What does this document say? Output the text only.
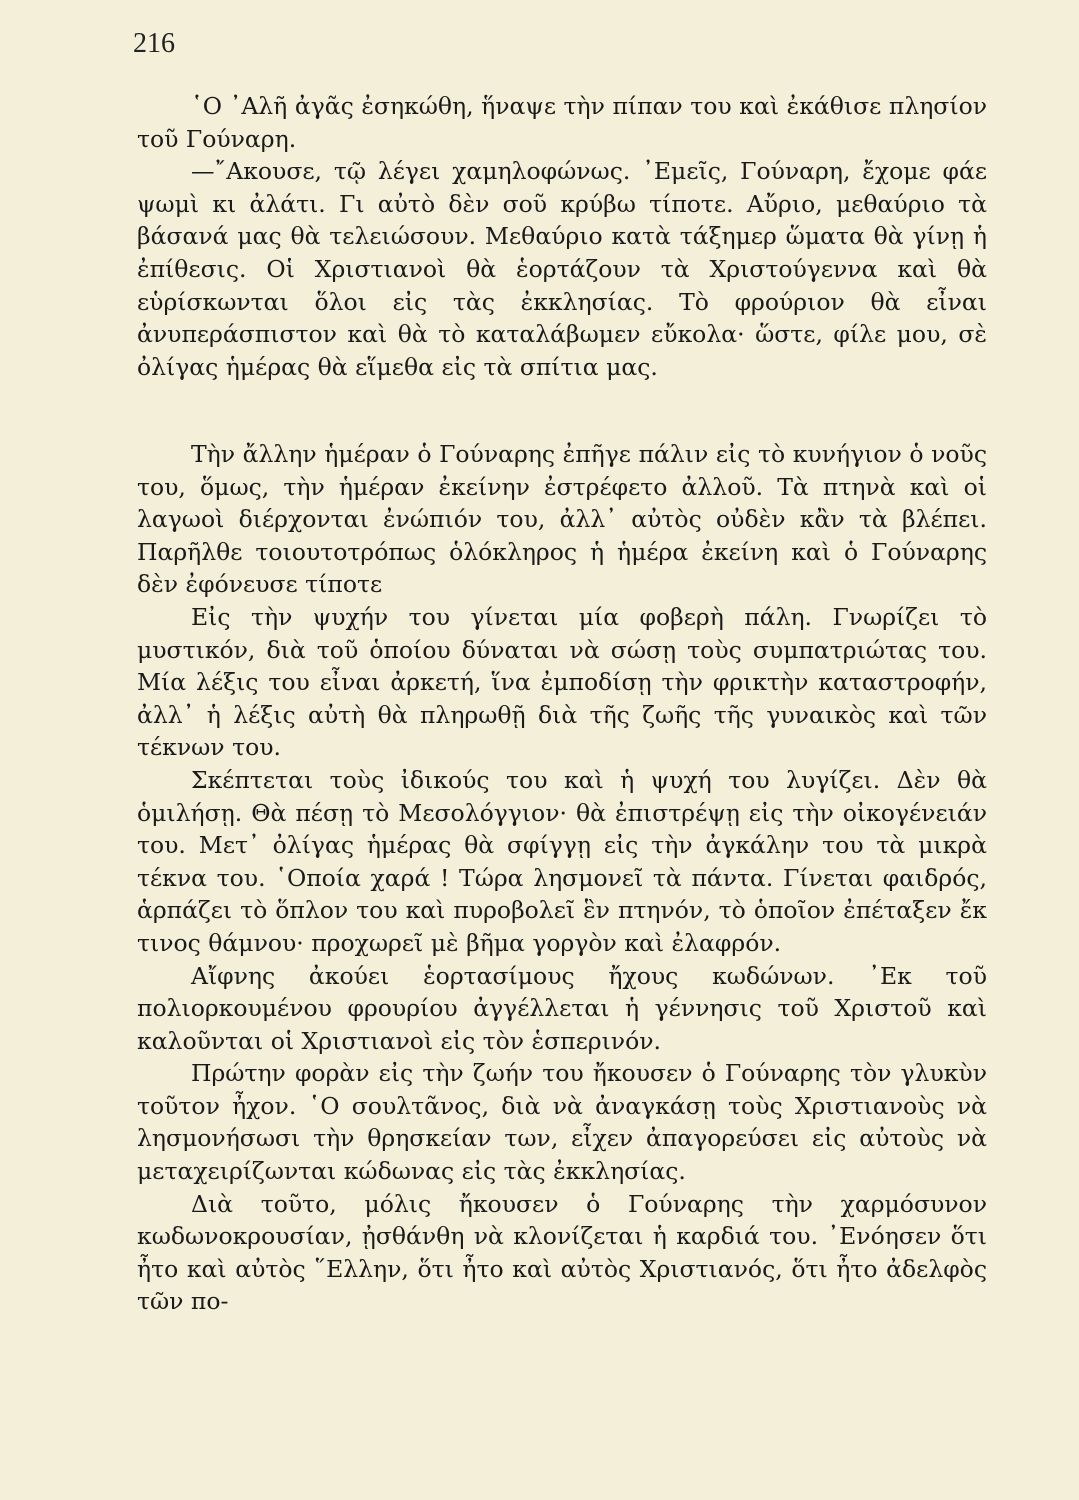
216

῾Ο ᾿Αλῆ ἀγᾶς ἐσηκώθη, ἥναψε τὴν πίπαν του καὶ ἐκάθισε πλησίον τοῦ Γούναρη.

—῎Ακουσε, τῷ λέγει χαμηλοφώνως. ᾿Εμεῖς, Γούναρη, ἔχομε φάε ψωμὶ κι ἀλάτι. Γι αὐτὸ δὲν σοῦ κρύβω τίποτε. Αὔριο, μεθαύριο τὰ βάσανά μας θὰ τελειώσουν. Μεθαύριο κατὰ τάξημερ ὥματα θὰ γίνῃ ἡ ἐπίθεσις. Οἱ Χριστιανοὶ θὰ ἑορτάζουν τὰ Χριστούγεννα καὶ θὰ εὑρίσκωνται ὅλοι εἰς τὰς ἐκκλησίας. Τὸ φρούριον θὰ εἶναι ἀνυπεράσπιστον καὶ θὰ τὸ καταλάβωμεν εὔκολα· ὥστε, φίλε μου, σὲ ὀλίγας ἡμέρας θὰ εἵμεθα εἰς τὰ σπίτια μας.

Τὴν ἄλλην ἡμέραν ὁ Γούναρης ἐπῆγε πάλιν εἰς τὸ κυνήγιον ὁ νοῦς του, ὅμως, τὴν ἡμέραν ἐκείνην ἐστρέφετο ἀλλοῦ. Τὰ πτηνὰ καὶ οἱ λαγωοὶ διέρχονται ἐνώπιόν του, ἀλλ᾿ αὐτὸς οὐδὲν κἂν τὰ βλέπει. Παρῆλθε τοιουτοτρόπως ὁλόκληρος ἡ ἡμέρα ἐκείνη καὶ ὁ Γούναρης δὲν ἐφόνευσε τίποτε

Εἰς τὴν ψυχήν του γίνεται μία φοβερὴ πάλη. Γνωρίζει τὸ μυστικόν, διὰ τοῦ ὁποίου δύναται νὰ σώσῃ τοὺς συμπατριώτας του. Μία λέξις του εἶναι ἀρκετή, ἵνα ἐμποδίσῃ τὴν φρικτὴν καταστροφήν, ἀλλ᾿ ἡ λέξις αὐτὴ θὰ πληρωθῇ διὰ τῆς ζωῆς τῆς γυναικὸς καὶ τῶν τέκνων του.

Σκέπτεται τοὺς ἰδικούς του καὶ ἡ ψυχή του λυγίζει. Δὲν θὰ ὁμιλήσῃ. Θὰ πέσῃ τὸ Μεσολόγγιον· θὰ ἐπιστρέψῃ εἰς τὴν οἰκογένειάν του. Μετ᾿ ὀλίγας ἡμέρας θὰ σφίγγῃ εἰς τὴν ἀγκάλην του τὰ μικρὰ τέκνα του. ῾Οποία χαρά ! Τώρα λησμονεῖ τὰ πάντα. Γίνεται φαιδρός, ἁρπάζει τὸ ὅπλον του καὶ πυροβολεῖ ἓν πτηνόν, τὸ ὁποῖον ἐπέταξεν ἔκ τινος θάμνου· προχωρεῖ μὲ βῆμα γοργὸν καὶ ἐλαφρόν.

Αἴφνης ἀκούει ἑορτασίμους ἤχους κωδώνων. ᾿Εκ τοῦ πολιορκουμένου φρουρίου ἀγγέλλεται ἡ γέννησις τοῦ Χριστοῦ καὶ καλοῦνται οἱ Χριστιανοὶ εἰς τὸν ἑσπερινόν.

Πρώτην φορὰν εἰς τὴν ζωήν του ἤκουσεν ὁ Γούναρης τὸν γλυκὺν τοῦτον ἦχον. ῾Ο σουλτᾶνος, διὰ νὰ ἀναγκάσῃ τοὺς Χριστιανοὺς νὰ λησμονήσωσι τὴν θρησκείαν των, εἶχεν ἀπαγορεύσει εἰς αὐτοὺς νὰ μεταχειρίζωνται κώδωνας εἰς τὰς ἐκκλησίας.

Διὰ τοῦτο, μόλις ἤκουσεν ὁ Γούναρης τὴν χαρμόσυνον κωδωνοκρουσίαν, ᾐσθάνθη νὰ κλονίζεται ἡ καρδιά του. ᾿Ενόησεν ὅτι ἦτο καὶ αὐτὸς ῞Ελλην, ὅτι ἦτο καὶ αὐτὸς Χριστιανός, ὅτι ἦτο ἀδελφὸς τῶν πο-
